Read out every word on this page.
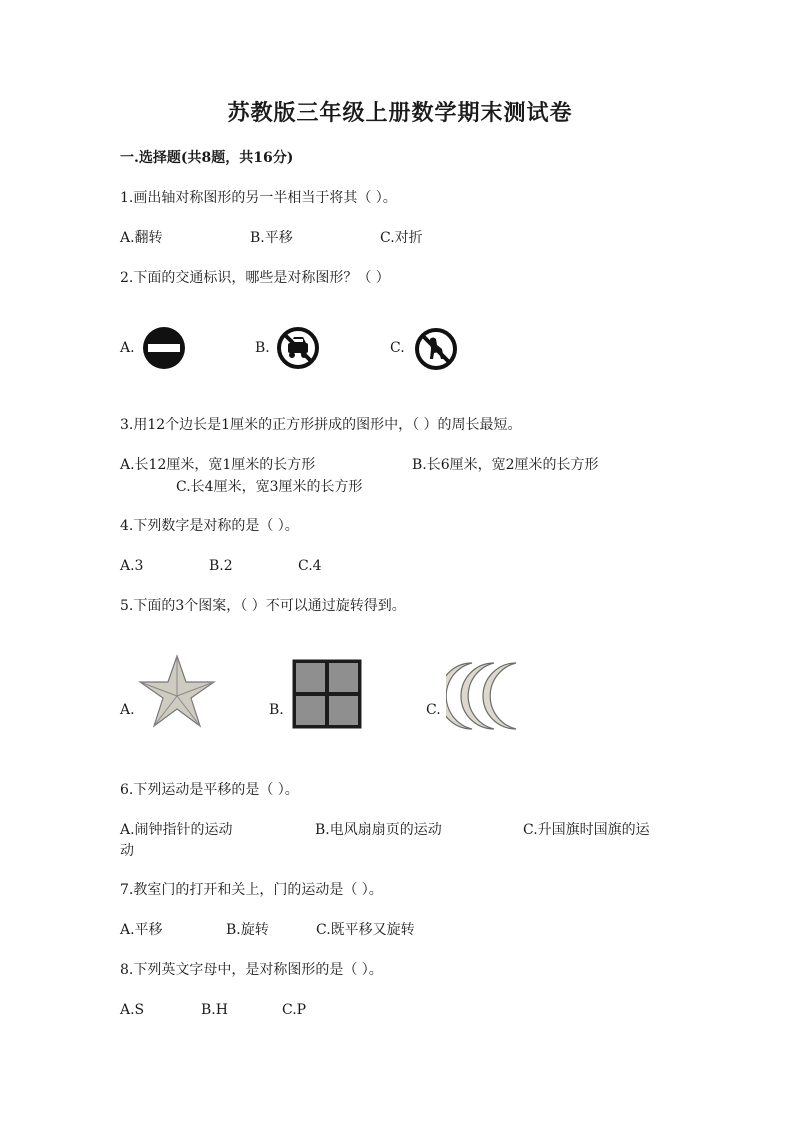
苏教版三年级上册数学期末测试卷
一.选择题(共8题，共16分)
1.画出轴对称图形的另一半相当于将其（ ）。
A.翻转	B.平移	C.对折
2.下面的交通标识，哪些是对称图形？（ ）
A.	B.	C.
3.用12个边长是1厘米的正方形拼成的图形中，（ ）的周长最短。
A.长12厘米，宽1厘米的长方形	B.长6厘米，宽2厘米的长方形
C.长4厘米，宽3厘米的长方形
4.下列数字是对称的是（ ）。
A.3	B.2	C.4
5.下面的3个图案，（ ）不可以通过旋转得到。
A.	B.	C.
6.下列运动是平移的是（ ）。
A.闹钟指针的运动	B.电风扇扇页的运动	C.升国旗时国旗的运
动
7.教室门的打开和关上，门的运动是（ ）。
A.平移	B.旋转	C.既平移又旋转
8.下列英文字母中，是对称图形的是（ ）。
A.S	B.H	C.P
